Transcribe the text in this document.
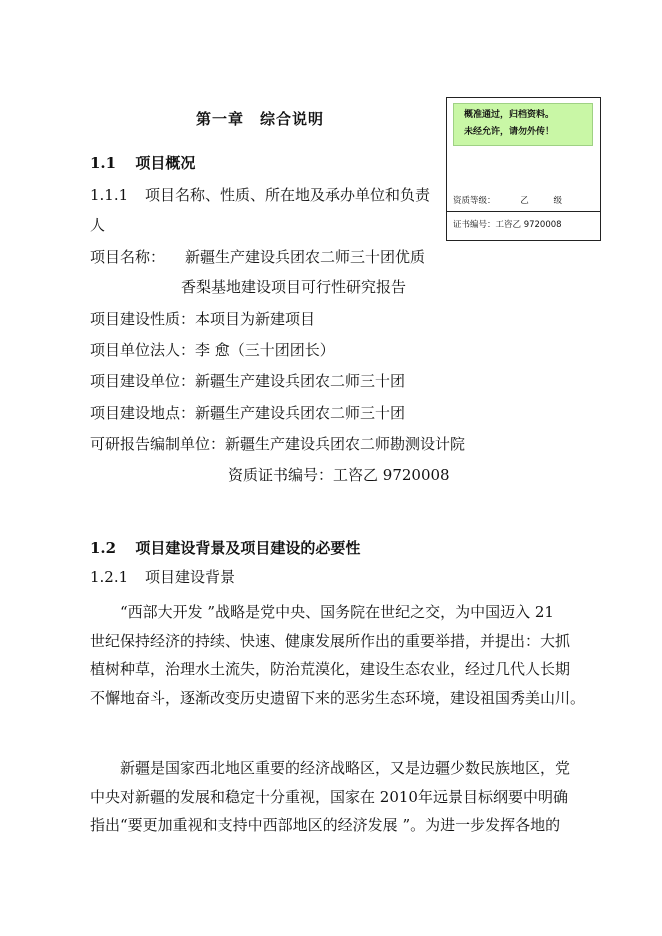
概准通过，归档资料。
未经允许，请勿外传！
资质等级：	乙	级
证书编号：工咨乙 9720008
第一章　综合说明
1.1 项目概况
1.1.1 项目名称、性质、所在地及承办单位和负责
人
项目名称： 新疆生产建设兵团农二师三十团优质
香梨基地建设项目可行性研究报告
项目建设性质：本项目为新建项目
项目单位法人：李 愈（三十团团长）
项目建设单位：新疆生产建设兵团农二师三十团
项目建设地点：新疆生产建设兵团农二师三十团
可研报告编制单位：新疆生产建设兵团农二师勘测设计院
资质证书编号：工咨乙 9720008
1.2 项目建设背景及项目建设的必要性
1.2.1 项目建设背景
“西部大开发 ”战略是党中央、国务院在世纪之交，为中国迈入 21
世纪保持经济的持续、快速、健康发展所作出的重要举措，并提出：大抓
植树种草，治理水土流失，防治荒漠化，建设生态农业，经过几代人长期
不懈地奋斗，逐渐改变历史遗留下来的恶劣生态环境，建设祖国秀美山川。
新疆是国家西北地区重要的经济战略区，又是边疆少数民族地区，党
中央对新疆的发展和稳定十分重视，国家在 2010年远景目标纲要中明确
指出“要更加重视和支持中西部地区的经济发展 ”。为进一步发挥各地的
